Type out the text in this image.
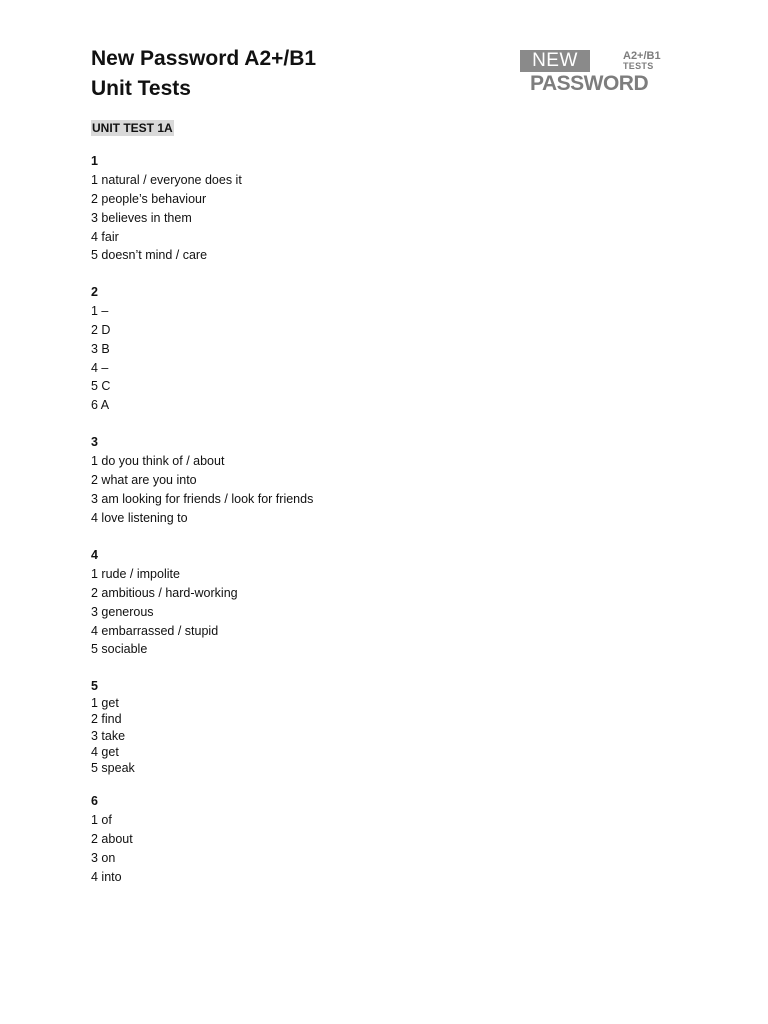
New Password A2+/B1
Unit Tests
NEW	A2+/B1
TESTS
PASSWORD
UNIT TEST 1A
1
1 natural / everyone does it
2 people’s behaviour
3 believes in them
4 fair
5 doesn’t mind / care
2
1 –
2 D
3 B
4 –
5 C
6 A
3
1 do you think of / about
2 what are you into
3 am looking for friends / look for friends
4 love listening to
4
1 rude / impolite
2 ambitious / hard-working
3 generous
4 embarrassed / stupid
5 sociable
5
1 get
2 find
3 take
4 get
5 speak
6
1 of
2 about
3 on
4 into
